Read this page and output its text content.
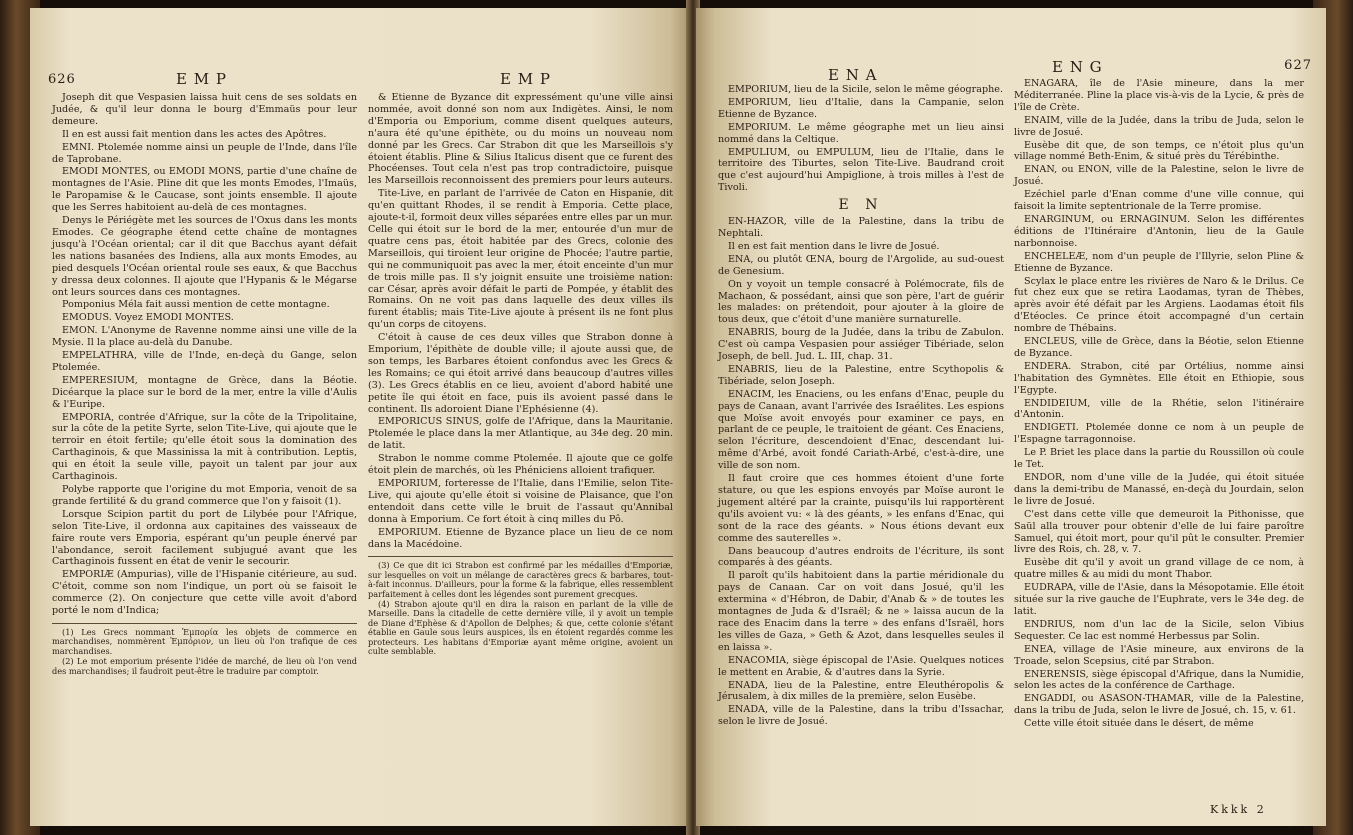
626	E M P	E M P

Joseph dit que Vespasien laissa huit cens de ses soldats en Judée, & qu'il leur donna le bourg d'Emmaüs pour leur demeure.

Il en est aussi fait mention dans les actes des Apôtres.

EMNI. Ptolemée nomme ainsi un peuple de l'Inde, dans l'île de Taprobane.

EMODI MONTES, ou EMODI MONS, partie d'une chaîne de montagnes de l'Asie. Pline dit que les monts Emodes, l'Imaüs, le Paropamise & le Caucase, sont joints ensemble. Il ajoute que les Serres habitoient au-delà de ces montagnes.

Denys le Périégète met les sources de l'Oxus dans les monts Emodes. Ce géographe étend cette chaîne de montagnes jusqu'à l'Océan oriental; car il dit que Bacchus ayant défait les nations basanées des Indiens, alla aux monts Emodes, au pied desquels l'Océan oriental roule ses eaux, & que Bacchus y dressa deux colonnes. Il ajoute que l'Hypanis & le Mégarse ont leurs sources dans ces montagnes.

Pomponius Méla fait aussi mention de cette montagne.

EMODUS. Voyez EMODI MONTES.

EMON. L'Anonyme de Ravenne nomme ainsi une ville de la Mysie. Il la place au-delà du Danube.

EMPELATHRA, ville de l'Inde, en-deçà du Gange, selon Ptolemée.

EMPERESIUM, montagne de Grèce, dans la Béotie. Dicéarque la place sur le bord de la mer, entre la ville d'Aulis & l'Euripe.

EMPORIA, contrée d'Afrique, sur la côte de la Tripolitaine, sur la côte de la petite Syrte, selon Tite-Live, qui ajoute que le terroir en étoit fertile; qu'elle étoit sous la domination des Carthaginois, & que Massinissa la mit à contribution. Leptis, qui en étoit la seule ville, payoit un talent par jour aux Carthaginois.

Polybe rapporte que l'origine du mot Emporia, venoit de sa grande fertilité & du grand commerce que l'on y faisoit (1).

Lorsque Scipion partit du port de Lilybée pour l'Afrique, selon Tite-Live, il ordonna aux capitaines des vaisseaux de faire route vers Emporia, espérant qu'un peuple énervé par l'abondance, seroit facilement subjugué avant que les Carthaginois fussent en état de venir le secourir.

EMPORIÆ (Ampurias), ville de l'Hispanie citérieure, au sud. C'étoit, comme son nom l'indique, un port où se faisoit le commerce (2). On conjecture que cette ville avoit d'abord porté le nom d'Indica;

(1) Les Grecs nommant Ἐμπορία les objets de commerce en marchandises, nommèrent Ἐμπόριον, un lieu où l'on trafique de ces marchandises.

(2) Le mot emporium présente l'idée de marché, de lieu où l'on vend des marchandises; il faudroit peut-être le traduire par comptoir.

& Etienne de Byzance dit expressément qu'une ville ainsi nommée, avoit donné son nom aux Indigètes. Ainsi, le nom d'Emporia ou Emporium, comme disent quelques auteurs, n'aura été qu'une épithète, ou du moins un nouveau nom donné par les Grecs. Car Strabon dit que les Marseillois s'y étoient établis. Pline & Silius Italicus disent que ce furent des Phocéenses. Tout cela n'est pas trop contradictoire, puisque les Marseillois reconnoissent des premiers pour leurs auteurs.

Tite-Live, en parlant de l'arrivée de Caton en Hispanie, dit qu'en quittant Rhodes, il se rendit à Emporia. Cette place, ajoute-t-il, formoit deux villes séparées entre elles par un mur. Celle qui étoit sur le bord de la mer, entourée d'un mur de quatre cens pas, étoit habitée par des Grecs, colonie des Marseillois, qui tiroient leur origine de Phocée; l'autre partie, qui ne communiquoit pas avec la mer, étoit enceinte d'un mur de trois mille pas. Il s'y joignit ensuite une troisième nation: car César, après avoir défait le parti de Pompée, y établit des Romains. On ne voit pas dans laquelle des deux villes ils furent établis; mais Tite-Live ajoute à présent ils ne font plus qu'un corps de citoyens.

C'étoit à cause de ces deux villes que Strabon donne à Emporium, l'épithète de double ville; il ajoute aussi que, de son temps, les Barbares étoient confondus avec les Grecs & les Romains; ce qui étoit arrivé dans beaucoup d'autres villes (3). Les Grecs établis en ce lieu, avoient d'abord habité une petite île qui étoit en face, puis ils avoient passé dans le continent. Ils adoroient Diane l'Ephésienne (4).

EMPORICUS SINUS, golfe de l'Afrique, dans la Mauritanie. Ptolemée le place dans la mer Atlantique, au 34e deg. 20 min. de latit.

Strabon le nomme comme Ptolemée. Il ajoute que ce golfe étoit plein de marchés, où les Phéniciens alloient trafiquer.

EMPORIUM, forteresse de l'Italie, dans l'Emilie, selon Tite-Live, qui ajoute qu'elle étoit si voisine de Plaisance, que l'on entendoit dans cette ville le bruit de l'assaut qu'Annibal donna à Emporium. Ce fort étoit à cinq milles du Pô.

EMPORIUM. Etienne de Byzance place un lieu de ce nom dans la Macédoine.

(3) Ce que dit ici Strabon est confirmé par les médailles d'Emporiæ, sur lesquelles on voit un mélange de caractères grecs & barbares, tout-à-fait inconnus. D'ailleurs, pour la forme & la fabrique, elles ressemblent parfaitement à celles dont les légendes sont purement grecques.

(4) Strabon ajoute qu'il en dira la raison en parlant de la ville de Marseille. Dans la citadelle de cette dernière ville, il y avoit un temple de Diane d'Ephèse & d'Apollon de Delphes; & que, cette colonie s'étant établie en Gaule sous leurs auspices, ils en étoient regardés comme les protecteurs. Les habitans d'Emporiæ ayant même origine, avoient un culte semblable.

E N A	E N G	627

EMPORIUM, lieu de la Sicile, selon le même géographe.

EMPORIUM, lieu d'Italie, dans la Campanie, selon Etienne de Byzance.

EMPORIUM. Le même géographe met un lieu ainsi nommé dans la Celtique.

EMPULIUM, ou EMPULUM, lieu de l'Italie, dans le territoire des Tiburtes, selon Tite-Live. Baudrand croit que c'est aujourd'hui Ampiglione, à trois milles à l'est de Tivoli.

E N

EN-HAZOR, ville de la Palestine, dans la tribu de Nephtali.

Il en est fait mention dans le livre de Josué.

ENA, ou plutôt ŒNA, bourg de l'Argolide, au sud-ouest de Genesium.

On y voyoit un temple consacré à Polémocrate, fils de Machaon, & possédant, ainsi que son père, l'art de guérir les malades: on prétendoit, pour ajouter à la gloire de tous deux, que c'étoit d'une manière surnaturelle.

ENABRIS, bourg de la Judée, dans la tribu de Zabulon. C'est où campa Vespasien pour assiéger Tibériade, selon Joseph, de bell. Jud. L. III, chap. 31.

ENABRIS, lieu de la Palestine, entre Scythopolis & Tibériade, selon Joseph.

ENACIM, les Enaciens, ou les enfans d'Enac, peuple du pays de Canaan, avant l'arrivée des Israélites. Les espions que Moïse avoit envoyés pour examiner ce pays, en parlant de ce peuple, le traitoient de géant. Ces Enaciens, selon l'écriture, descendoient d'Enac, descendant lui-même d'Arbé, avoit fondé Cariath-Arbé, c'est-à-dire, une ville de son nom.

Il faut croire que ces hommes étoient d'une forte stature, ou que les espions envoyés par Moïse auront le jugement altéré par la crainte, puisqu'ils lui rapportèrent qu'ils avoient vu: « là des géants, » les enfans d'Enac, qui sont de la race des géants. » Nous étions devant eux comme des sauterelles ».

Dans beaucoup d'autres endroits de l'écriture, ils sont comparés à des géants.

Il paroît qu'ils habitoient dans la partie méridionale du pays de Canaan. Car on voit dans Josué, qu'il les extermina « d'Hébron, de Dabir, d'Anab & » de toutes les montagnes de Juda & d'Israël; & ne » laissa aucun de la race des Enacim dans la terre » des enfans d'Israël, hors les villes de Gaza, » Geth & Azot, dans lesquelles seules il en laissa ».

ENACOMIA, siège épiscopal de l'Asie. Quelques notices le mettent en Arabie, & d'autres dans la Syrie.

ENADA, lieu de la Palestine, entre Eleuthéropolis & Jérusalem, à dix milles de la première, selon Eusèbe.

ENADA, ville de la Palestine, dans la tribu d'Issachar, selon le livre de Josué.

ENAGARA, île de l'Asie mineure, dans la mer Méditerranée. Pline la place vis-à-vis de la Lycie, & près de l'île de Crète.

ENAIM, ville de la Judée, dans la tribu de Juda, selon le livre de Josué.

Eusèbe dit que, de son temps, ce n'étoit plus qu'un village nommé Beth-Enim, & situé près du Térébinthe.

ENAN, ou ENON, ville de la Palestine, selon le livre de Josué.

Ezéchiel parle d'Enan comme d'une ville connue, qui faisoit la limite septentrionale de la Terre promise.

ENARGINUM, ou ERNAGINUM. Selon les différentes éditions de l'Itinéraire d'Antonin, lieu de la Gaule narbonnoise.

ENCHELEÆ, nom d'un peuple de l'Illyrie, selon Pline & Etienne de Byzance.

Scylax le place entre les rivières de Naro & le Drilus. Ce fut chez eux que se retira Laodamas, tyran de Thèbes, après avoir été défait par les Argiens. Laodamas étoit fils d'Etéocles. Ce prince étoit accompagné d'un certain nombre de Thébains.

ENCLEUS, ville de Grèce, dans la Béotie, selon Etienne de Byzance.

ENDERA. Strabon, cité par Ortélius, nomme ainsi l'habitation des Gymnètes. Elle étoit en Ethiopie, sous l'Egypte.

ENDIDEIUM, ville de la Rhétie, selon l'itinéraire d'Antonin.

ENDIGETI. Ptolemée donne ce nom à un peuple de l'Espagne tarragonnoise.

Le P. Briet les place dans la partie du Roussillon où coule le Tet.

ENDOR, nom d'une ville de la Judée, qui étoit située dans la demi-tribu de Manassé, en-deçà du Jourdain, selon le livre de Josué.

C'est dans cette ville que demeuroit la Pithonisse, que Saül alla trouver pour obtenir d'elle de lui faire paroître Samuel, qui étoit mort, pour qu'il pût le consulter. Premier livre des Rois, ch. 28, v. 7.

Eusèbe dit qu'il y avoit un grand village de ce nom, à quatre milles & au midi du mont Thabor.

EUDRAPA, ville de l'Asie, dans la Mésopotamie. Elle étoit située sur la rive gauche de l'Euphrate, vers le 34e deg. de latit.

ENDRIUS, nom d'un lac de la Sicile, selon Vibius Sequester. Ce lac est nommé Herbessus par Solin.

ENEA, village de l'Asie mineure, aux environs de la Troade, selon Scepsius, cité par Strabon.

ENERENSIS, siège épiscopal d'Afrique, dans la Numidie, selon les actes de la conférence de Carthage.

ENGADDI, ou ASASON-THAMAR, ville de la Palestine, dans la tribu de Juda, selon le livre de Josué, ch. 15, v. 61.

Cette ville étoit située dans le désert, de même

Kkkk 2
